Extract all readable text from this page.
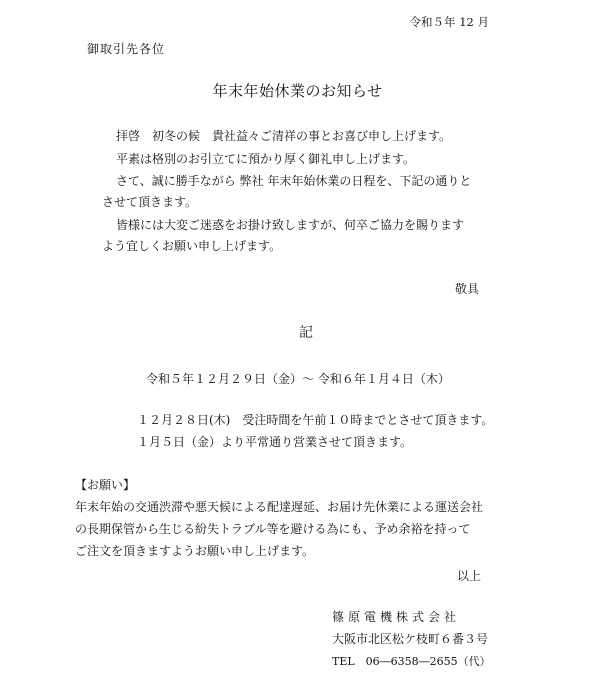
令和５年 12 月
御取引先各位
年末年始休業のお知らせ
拝啓　初冬の候　貴社益々ご清祥の事とお喜び申し上げます。
平素は格別のお引立てに預かり厚く御礼申し上げます。
さて、誠に勝手ながら 弊社 年末年始休業の日程を、下記の通りと
させて頂きます。
皆様には大変ご迷惑をお掛け致しますが、何卒ご協力を賜ります
よう宜しくお願い申し上げます。
敬具
記
令和５年１２月２９日（金）～ 令和６年１月４日（木）
１２月２８日(木)　受注時間を午前１０時までとさせて頂きます。
１月５日（金）より平常通り営業させて頂きます。
【お願い】
年末年始の交通渋滞や悪天候による配達遅延、お届け先休業による運送会社
の長期保管から生じる紛失トラブル等を避ける為にも、予め余裕を持って
ご注文を頂きますようお願い申し上げます。
以上
篠原電機株式会社
大阪市北区松ケ枝町６番３号
TEL　06―6358―2655（代）
